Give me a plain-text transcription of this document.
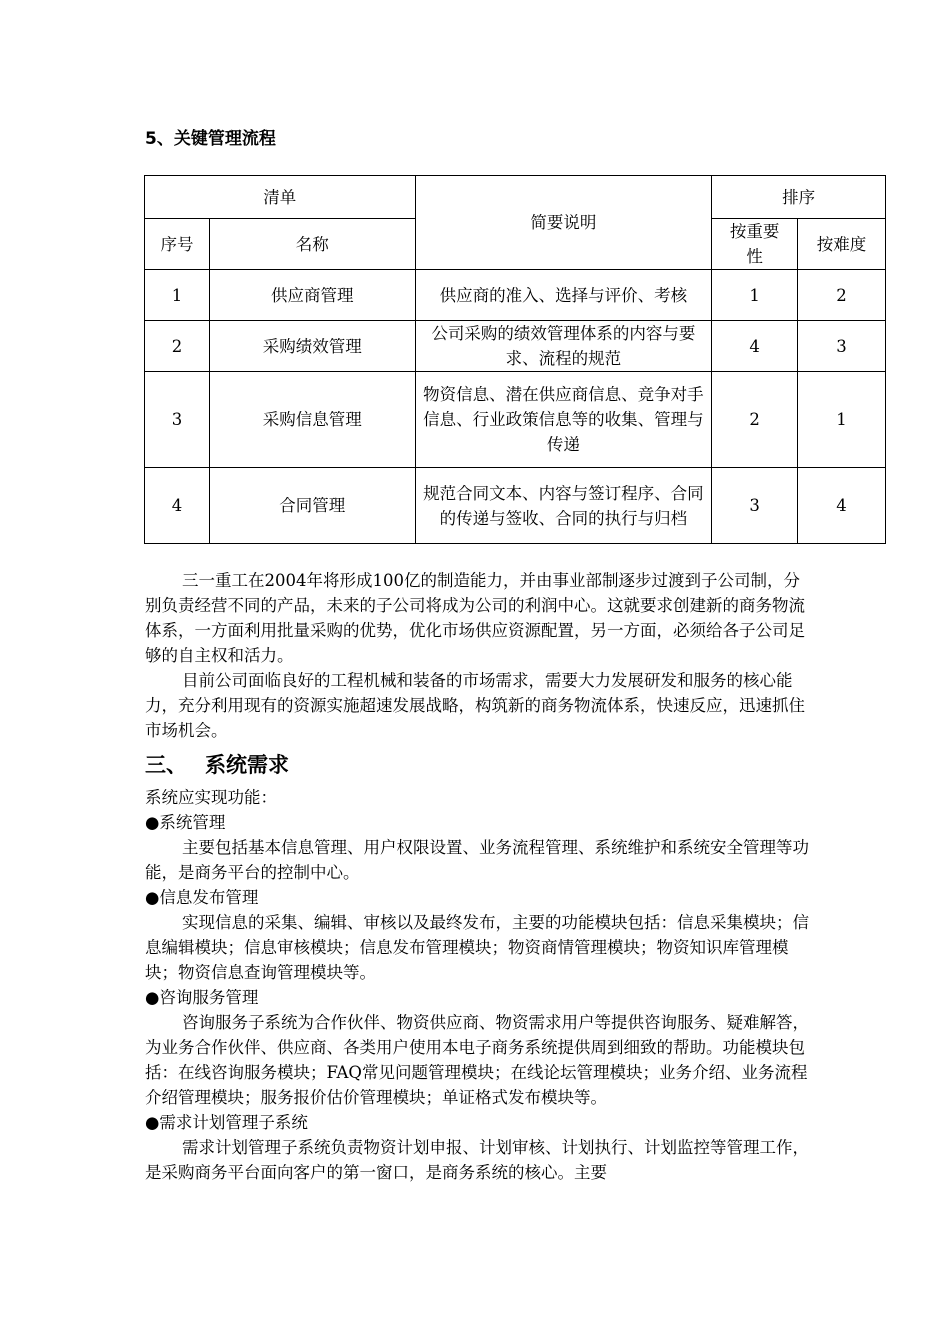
5、关键管理流程
清单		简要说明	排序	
序号	名称		按重要性	按难度
1	供应商管理	供应商的准入、选择与评价、考核	1	2
2	采购绩效管理	公司采购的绩效管理体系的内容与要求、流程的规范	4	3
3	采购信息管理	物资信息、潜在供应商信息、竞争对手信息、行业政策信息等的收集、管理与传递	2	1
4	合同管理	规范合同文本、内容与签订程序、合同的传递与签收、合同的执行与归档	3	4

三一重工在2004年将形成100亿的制造能力，并由事业部制逐步过渡到子公司制，分别负责经营不同的产品，未来的子公司将成为公司的利润中心。这就要求创建新的商务物流体系，一方面利用批量采购的优势，优化市场供应资源配置，另一方面，必须给各子公司足够的自主权和活力。

目前公司面临良好的工程机械和装备的市场需求，需要大力发展研发和服务的核心能力，充分利用现有的资源实施超速发展战略，构筑新的商务物流体系，快速反应，迅速抓住市场机会。

三、 系统需求

系统应实现功能：

●系统管理

主要包括基本信息管理、用户权限设置、业务流程管理、系统维护和系统安全管理等功能，是商务平台的控制中心。

●信息发布管理

实现信息的采集、编辑、审核以及最终发布，主要的功能模块包括：信息采集模块；信息编辑模块；信息审核模块；信息发布管理模块；物资商情管理模块；物资知识库管理模块；物资信息查询管理模块等。

●咨询服务管理

咨询服务子系统为合作伙伴、物资供应商、物资需求用户等提供咨询服务、疑难解答，为业务合作伙伴、供应商、各类用户使用本电子商务系统提供周到细致的帮助。功能模块包括：在线咨询服务模块；FAQ常见问题管理模块；在线论坛管理模块；业务介绍、业务流程介绍管理模块；服务报价估价管理模块；单证格式发布模块等。

●需求计划管理子系统

需求计划管理子系统负责物资计划申报、计划审核、计划执行、计划监控等管理工作，是采购商务平台面向客户的第一窗口，是商务系统的核心。主要
